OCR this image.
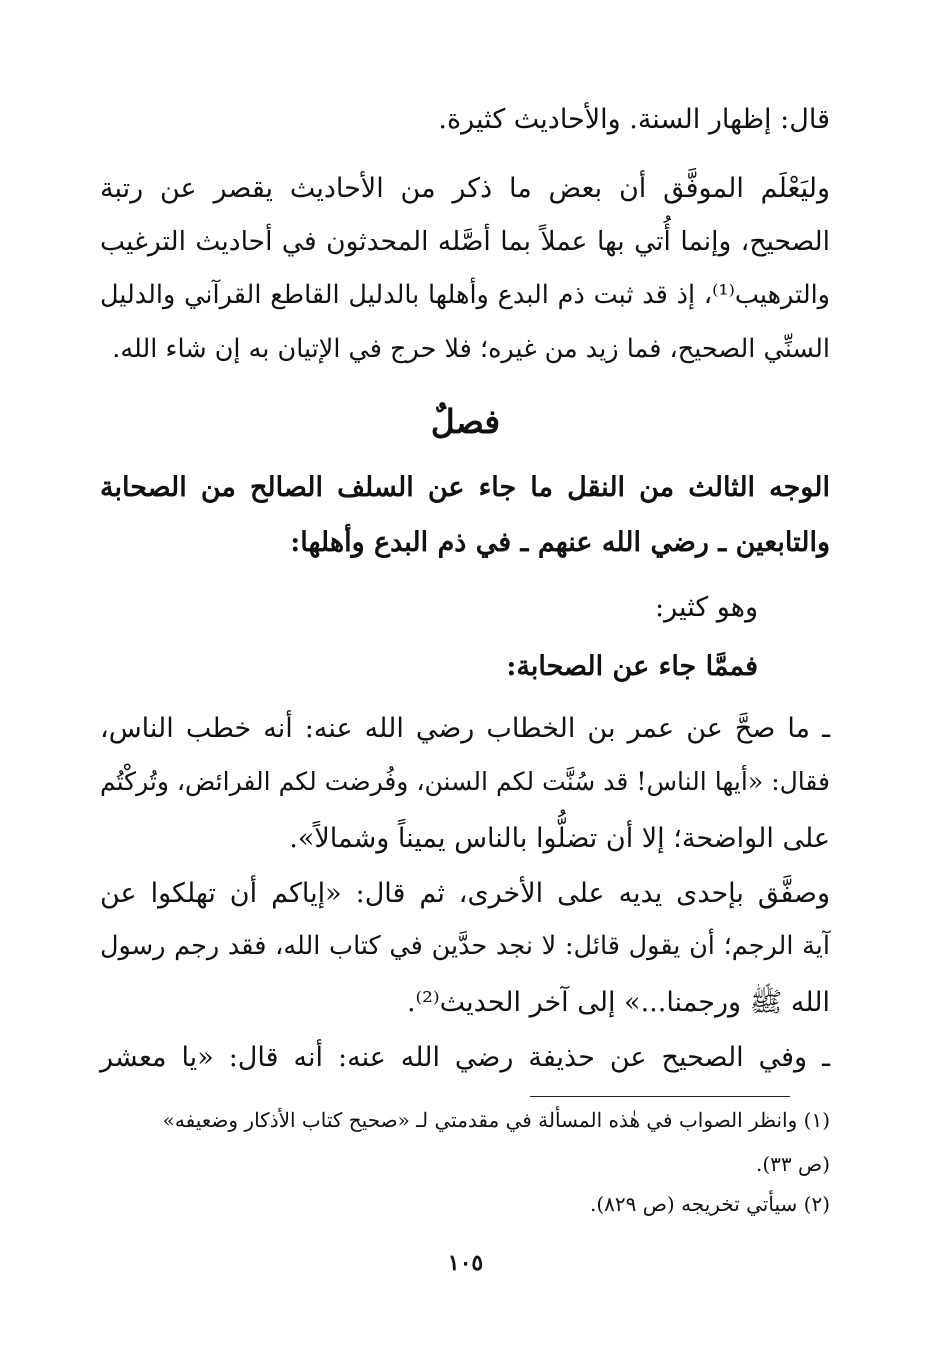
قال: إظهار السنة. والأحاديث كثيرة.
وليَعْلَم الموفَّق أن بعض ما ذكر من الأحاديث يقصر عن رتبة
الصحيح، وإنما أُتي بها عملاً بما أصَّله المحدثون في أحاديث الترغيب
والترهيب⁽¹⁾، إذ قد ثبت ذم البدع وأهلها بالدليل القاطع القرآني والدليل
السنِّي الصحيح، فما زيد من غيره؛ فلا حرج في الإتيان به إن شاء الله.
فصلٌ
الوجه الثالث من النقل ما جاء عن السلف الصالح من الصحابة
والتابعين ـ رضي الله عنهم ـ في ذم البدع وأهلها:
وهو كثير:
فممَّا جاء عن الصحابة:
ـ ما صحَّ عن عمر بن الخطاب رضي الله عنه: أنه خطب الناس،
فقال: «أيها الناس! قد سُنَّت لكم السنن، وفُرضت لكم الفرائض، وتُركْتُم
على الواضحة؛ إلا أن تضلُّوا بالناس يميناً وشمالاً».
وصفَّق بإحدى يديه على الأخرى، ثم قال: «إياكم أن تهلكوا عن
آية الرجم؛ أن يقول قائل: لا نجد حدَّين في كتاب الله، فقد رجم رسول
الله ﷺ ورجمنا...» إلى آخر الحديث⁽²⁾.
ـ وفي الصحيح عن حذيفة رضي الله عنه: أنه قال: «يا معشر
(١) وانظر الصواب في هٰذه المسألة في مقدمتي لـ «صحيح كتاب الأذكار وضعيفه»
(ص ٣٣).
(٢) سيأتي تخريجه (ص ٨٢٩).
١٠٥
